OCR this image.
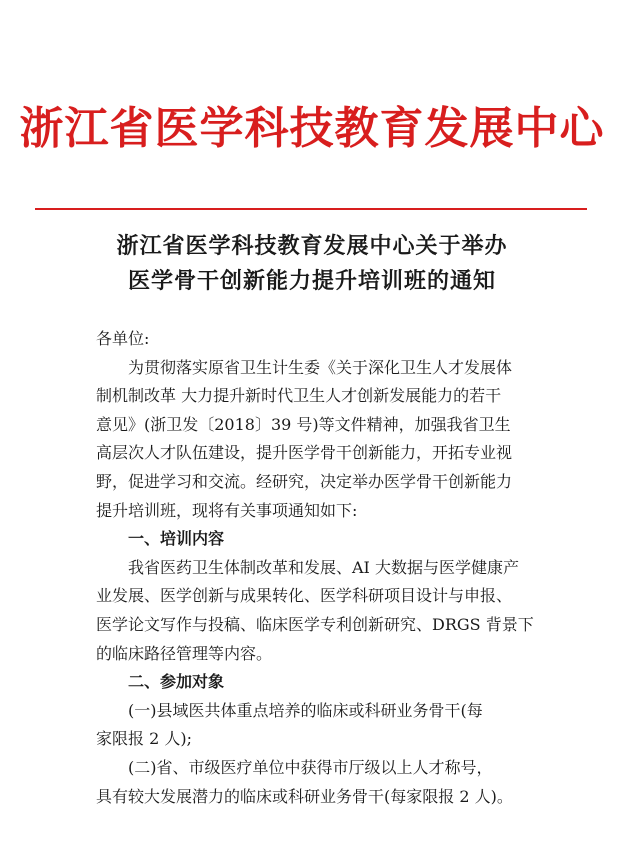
浙江省医学科技教育发展中心
浙江省医学科技教育发展中心关于举办
医学骨干创新能力提升培训班的通知
各单位:
为贯彻落实原省卫生计生委《关于深化卫生人才发展体
制机制改革 大力提升新时代卫生人才创新发展能力的若干
意见》(浙卫发〔2018〕39 号)等文件精神，加强我省卫生
高层次人才队伍建设，提升医学骨干创新能力，开拓专业视
野，促进学习和交流。经研究，决定举办医学骨干创新能力
提升培训班，现将有关事项通知如下:
一、培训内容
我省医药卫生体制改革和发展、AI 大数据与医学健康产
业发展、医学创新与成果转化、医学科研项目设计与申报、
医学论文写作与投稿、临床医学专利创新研究、DRGS 背景下
的临床路径管理等内容。
二、参加对象
(一)县域医共体重点培养的临床或科研业务骨干(每
家限报 2 人);
(二)省、市级医疗单位中获得市厅级以上人才称号，
具有较大发展潜力的临床或科研业务骨干(每家限报 2 人)。
